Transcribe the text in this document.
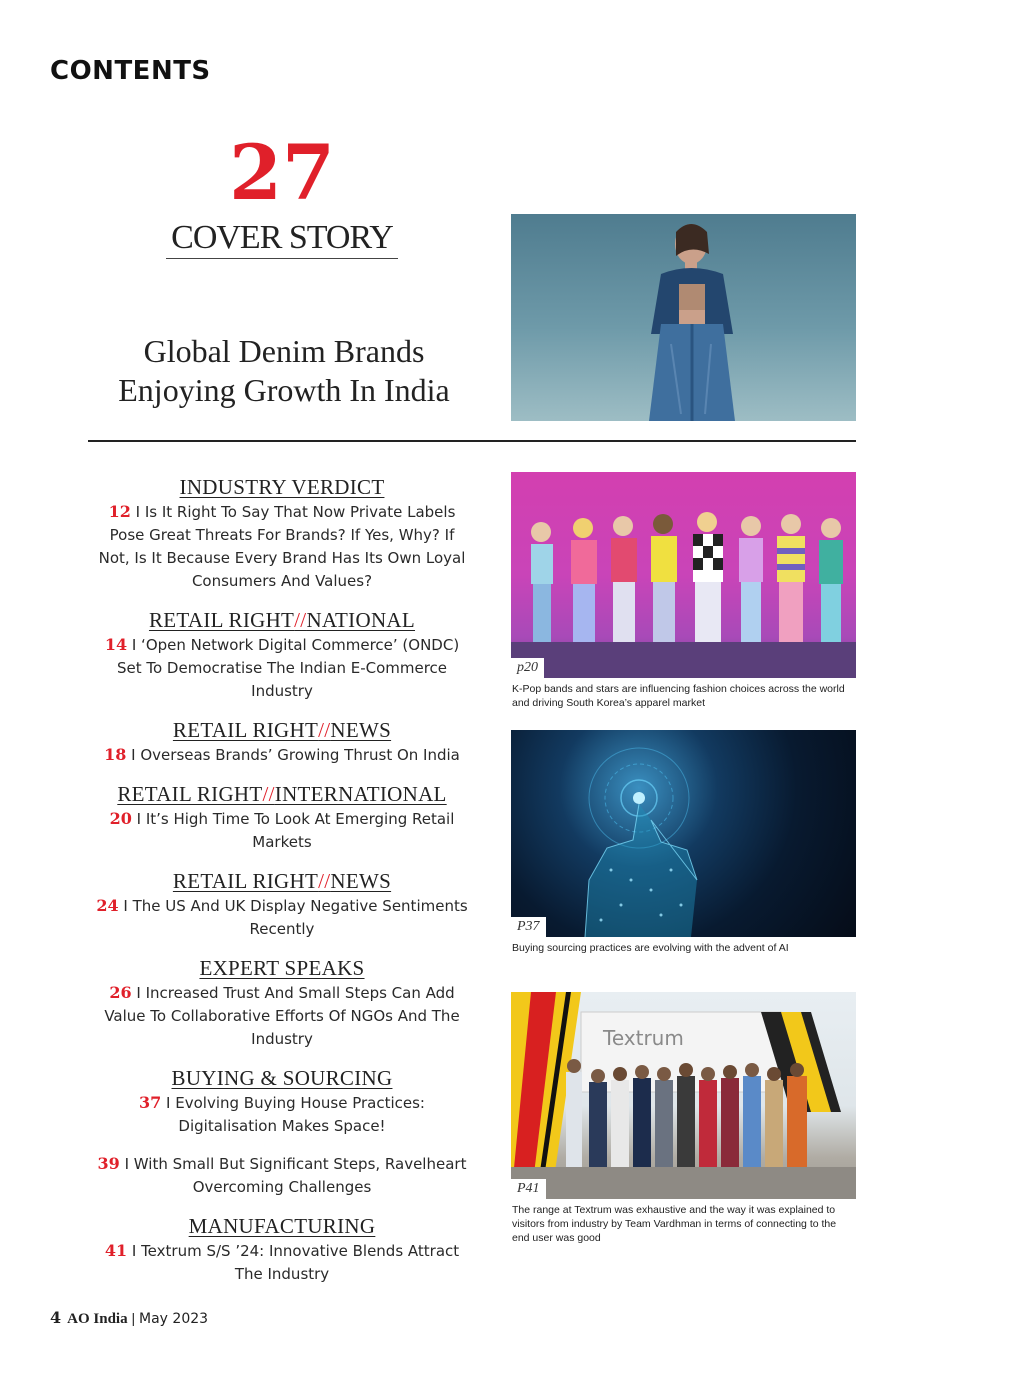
CONTENTS
27
COVER STORY
Global Denim Brands
Enjoying Growth In India
INDUSTRY VERDICT
12 I Is It Right To Say That Now Private Labels Pose Great Threats For Brands? If Yes, Why? If Not, Is It Because Every Brand Has Its Own Loyal Consumers And Values?
RETAIL RIGHT//NATIONAL
14 I ‘Open Network Digital Commerce’ (ONDC) Set To Democratise The Indian E-Commerce Industry
RETAIL RIGHT//NEWS
18 I Overseas Brands’ Growing Thrust On India
RETAIL RIGHT//INTERNATIONAL
20 I It’s High Time To Look At Emerging Retail Markets
RETAIL RIGHT//NEWS
24 I The US And UK Display Negative Sentiments Recently
EXPERT SPEAKS
26 I Increased Trust And Small Steps Can Add Value To Collaborative Efforts Of NGOs And The Industry
BUYING & SOURCING
37 I Evolving Buying House Practices: Digitalisation Makes Space!
39 I With Small But Significant Steps, Ravelheart Overcoming Challenges
MANUFACTURING
41 I Textrum S/S ’24: Innovative Blends Attract The Industry
p20
K-Pop bands and stars are influencing fashion choices across the world and driving South Korea’s apparel market
P37
Buying sourcing practices are evolving with the advent of AI
Textrum
P41
The range at Textrum was exhaustive and the way it was explained to visitors from industry by Team Vardhman in terms of connecting to the end user was good
4 AO India | May 2023
